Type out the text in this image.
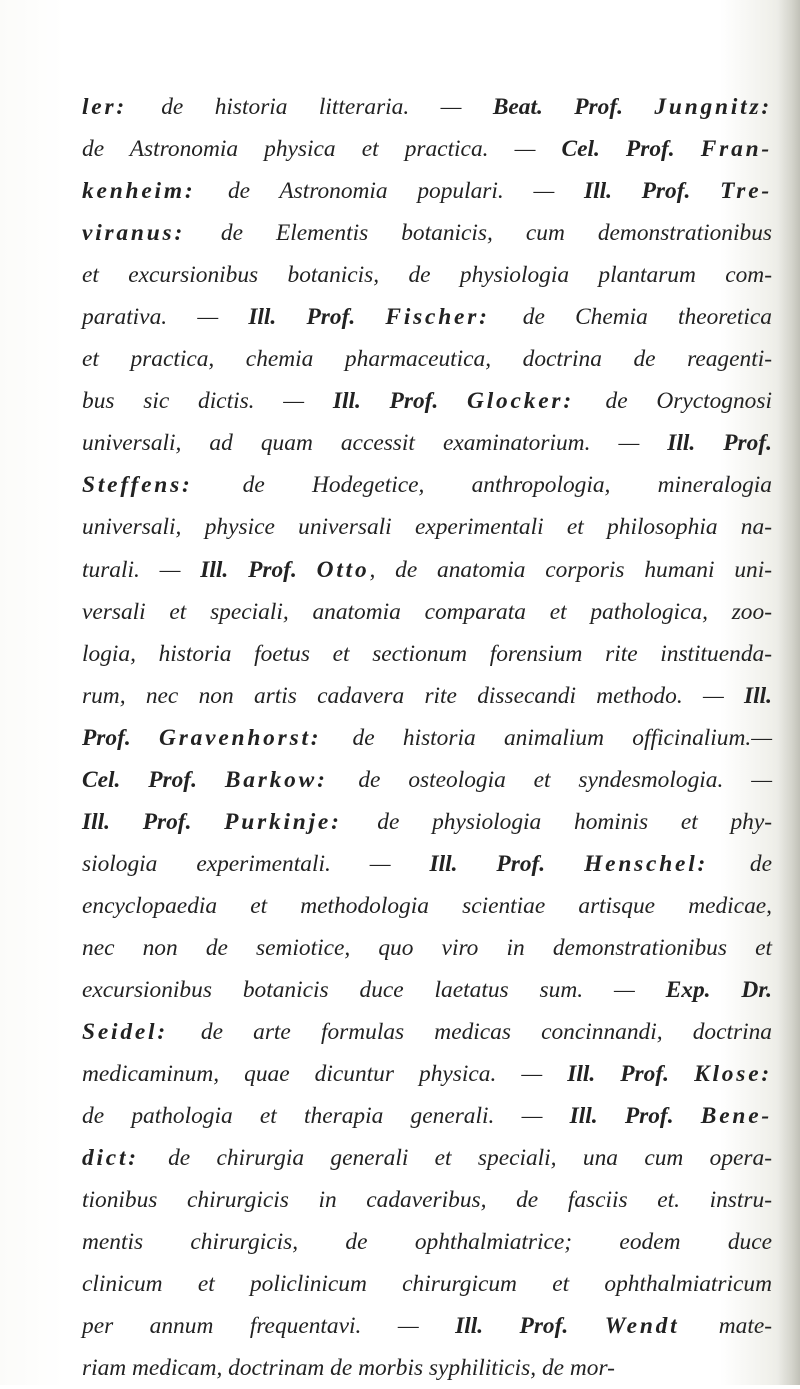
ler: de historia litteraria. — Beat. Prof. Jungnitz:
de Astronomia physica et practica. — Cel. Prof. Fran-
kenheim: de Astronomia populari. — Ill. Prof. Tre-
viranus: de Elementis botanicis, cum demonstrationibus
et excursionibus botanicis, de physiologia plantarum com-
parativa. — Ill. Prof. Fischer: de Chemia theoretica
et practica, chemia pharmaceutica, doctrina de reagenti-
bus sic dictis. — Ill. Prof. Glocker: de Oryctognosi
universali, ad quam accessit examinatorium. — Ill. Prof.
Steffens: de Hodegetice, anthropologia, mineralogia
universali, physice universali experimentali et philosophia na-
turali. — Ill. Prof. Otto, de anatomia corporis humani uni-
versali et speciali, anatomia comparata et pathologica, zoo-
logia, historia foetus et sectionum forensium rite instituenda-
rum, nec non artis cadavera rite dissecandi methodo. — Ill.
Prof. Gravenhorst: de historia animalium officinalium.—
Cel. Prof. Barkow: de osteologia et syndesmologia. —
Ill. Prof. Purkinje: de physiologia hominis et phy-
siologia experimentali. — Ill. Prof. Henschel: de
encyclopaedia et methodologia scientiae artisque medicae,
nec non de semiotice, quo viro in demonstrationibus et
excursionibus botanicis duce laetatus sum. — Exp. Dr.
Seidel: de arte formulas medicas concinnandi, doctrina
medicaminum, quae dicuntur physica. — Ill. Prof. Klose:
de pathologia et therapia generali. — Ill. Prof. Bene-
dict: de chirurgia generali et speciali, una cum opera-
tionibus chirurgicis in cadaveribus, de fasciis et. instru-
mentis chirurgicis, de ophthalmiatrice; eodem duce
clinicum et policlinicum chirurgicum et ophthalmiatricum
per annum frequentavi. — Ill. Prof. Wendt mate-
riam medicam, doctrinam de morbis syphiliticis, de mor-
